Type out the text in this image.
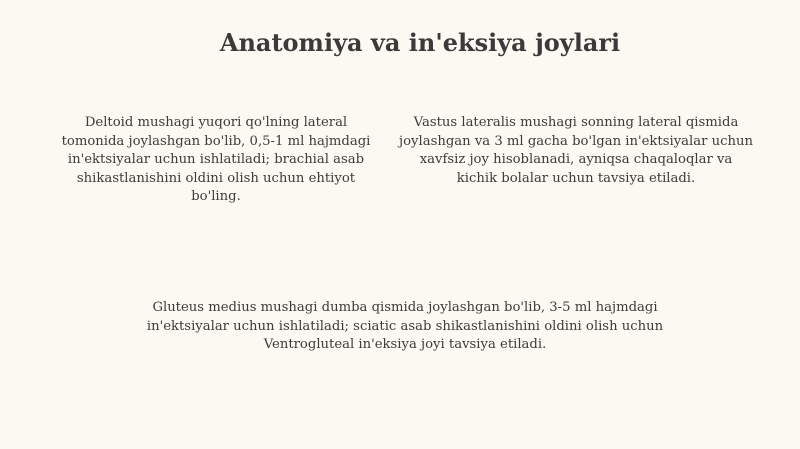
Anatomiya va in'eksiya joylari

Deltoid mushagi yuqori qo'lning lateral tomonida joylashgan bo'lib, 0,5-1 ml hajmdagi in'ektsiyalar uchun ishlatiladi; brachial asab shikastlanishini oldini olish uchun ehtiyot bo'ling.

Vastus lateralis mushagi sonning lateral qismida joylashgan va 3 ml gacha bo'lgan in'ektsiyalar uchun xavfsiz joy hisoblanadi, ayniqsa chaqaloqlar va kichik bolalar uchun tavsiya etiladi.

Gluteus medius mushagi dumba qismida joylashgan bo'lib, 3-5 ml hajmdagi in'ektsiyalar uchun ishlatiladi; sciatic asab shikastlanishini oldini olish uchun Ventrogluteal in'eksiya joyi tavsiya etiladi.
